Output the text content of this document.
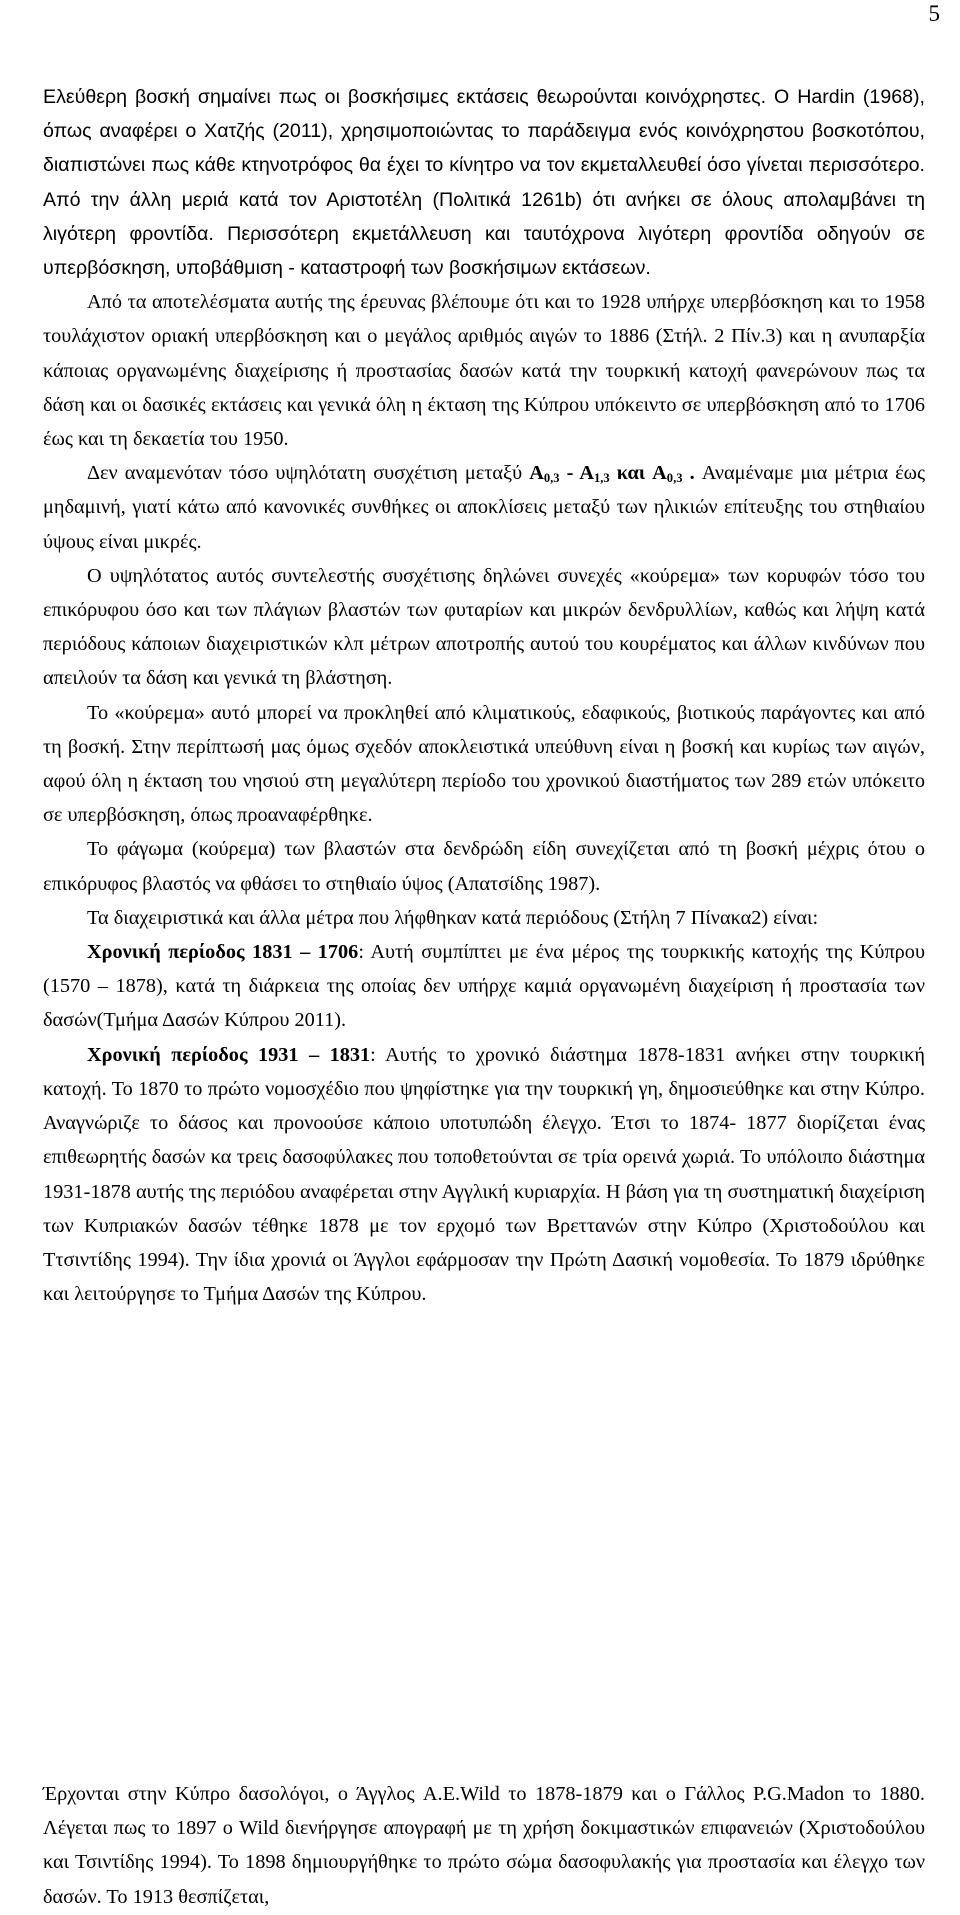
5

Ελεύθερη βοσκή σημαίνει πως οι βοσκήσιμες εκτάσεις θεωρούνται κοινόχρηστες. Ο Hardin (1968), όπως αναφέρει ο Χατζής (2011), χρησιμοποιώντας το παράδειγμα ενός κοινόχρηστου βοσκοτόπου, διαπιστώνει πως κάθε κτηνοτρόφος θα έχει το κίνητρο να τον εκμεταλλευθεί όσο γίνεται περισσότερο. Από την άλλη μεριά κατά τον Αριστοτέλη (Πολιτικά 1261b) ότι ανήκει σε όλους απολαμβάνει τη λιγότερη φροντίδα. Περισσότερη εκμετάλλευση και ταυτόχρονα λιγότερη φροντίδα οδηγούν σε υπερβόσκηση, υποβάθμιση - καταστροφή των βοσκήσιμων εκτάσεων.

Από τα αποτελέσματα αυτής της έρευνας βλέπουμε ότι και το 1928 υπήρχε υπερβόσκηση και το 1958 τουλάχιστον οριακή υπερβόσκηση και ο μεγάλος αριθμός αιγών το 1886 (Στήλ. 2 Πίν.3) και η ανυπαρξία κάποιας οργανωμένης διαχείρισης ή προστασίας δασών κατά την τουρκική κατοχή φανερώνουν πως τα δάση και οι δασικές εκτάσεις και γενικά όλη η έκταση της Κύπρου υπόκειντο σε υπερβόσκηση από το 1706 έως και τη δεκαετία του 1950.

Δεν αναμενόταν τόσο υψηλότατη συσχέτιση μεταξύ $A_{0,3} - A_{1,3}$ και $A_{0,3}$ . Αναμέναμε μια μέτρια έως μηδαμινή, γιατί κάτω από κανονικές συνθήκες οι αποκλίσεις μεταξύ των ηλικιών επίτευξης του στηθιαίου ύψους είναι μικρές.

Ο υψηλότατος αυτός συντελεστής συσχέτισης δηλώνει συνεχές «κούρεμα» των κορυφών τόσο του επικόρυφου όσο και των πλάγιων βλαστών των φυταρίων και μικρών δενδρυλλίων, καθώς και λήψη κατά περιόδους κάποιων διαχειριστικών κλπ μέτρων αποτροπής αυτού του κουρέματος και άλλων κινδύνων που απειλούν τα δάση και γενικά τη βλάστηση.

Το «κούρεμα» αυτό μπορεί να προκληθεί από κλιματικούς, εδαφικούς, βιοτικούς παράγοντες και από τη βοσκή. Στην περίπτωσή μας όμως σχεδόν αποκλειστικά υπεύθυνη είναι η βοσκή και κυρίως των αιγών, αφού όλη η έκταση του νησιού στη μεγαλύτερη περίοδο του χρονικού διαστήματος των 289 ετών υπόκειτο σε υπερβόσκηση, όπως προαναφέρθηκε.

Το φάγωμα (κούρεμα) των βλαστών στα δενδρώδη είδη συνεχίζεται από τη βοσκή μέχρις ότου ο επικόρυφος βλαστός να φθάσει το στηθιαίο ύψος (Απατσίδης 1987).

Τα διαχειριστικά και άλλα μέτρα που λήφθηκαν κατά περιόδους (Στήλη 7 Πίνακα2) είναι:

Χρονική περίοδος 1831 – 1706: Αυτή συμπίπτει με ένα μέρος της τουρκικής κατοχής της Κύπρου (1570 – 1878), κατά τη διάρκεια της οποίας δεν υπήρχε καμιά οργανωμένη διαχείριση ή προστασία των δασών(Τμήμα Δασών Κύπρου 2011).

Χρονική περίοδος 1931 – 1831: Αυτής το χρονικό διάστημα 1878-1831 ανήκει στην τουρκική κατοχή. Το 1870 το πρώτο νομοσχέδιο που ψηφίστηκε για την τουρκική γη, δημοσιεύθηκε και στην Κύπρο. Αναγνώριζε το δάσος και προνοούσε κάποιο υποτυπώδη έλεγχο. Έτσι το 1874- 1877 διορίζεται ένας επιθεωρητής δασών κα τρεις δασοφύλακες που τοποθετούνται σε τρία ορεινά χωριά. Το υπόλοιπο διάστημα 1931-1878 αυτής της περιόδου αναφέρεται στην Αγγλική κυριαρχία. Η βάση για τη συστηματική διαχείριση των Κυπριακών δασών τέθηκε 1878 με τον ερχομό των Βρεττανών στην Κύπρο (Χριστοδούλου και Ττσιντίδης 1994). Την ίδια χρονιά οι Άγγλοι εφάρμοσαν την Πρώτη Δασική νομοθεσία. Το 1879 ιδρύθηκε και λειτούργησε το Τμήμα Δασών της Κύπρου.

Έρχονται στην Κύπρο δασολόγοι, ο Άγγλος A.E.Wild το 1878-1879 και ο Γάλλος P.G.Madon το 1880. Λέγεται πως το 1897 ο Wild διενήργησε απογραφή με τη χρήση δοκιμαστικών επιφανειών (Χριστοδούλου και Τσιντίδης 1994). Το 1898 δημιουργήθηκε το πρώτο σώμα δασοφυλακής για προστασία και έλεγχο των δασών. Το 1913 θεσπίζεται,
